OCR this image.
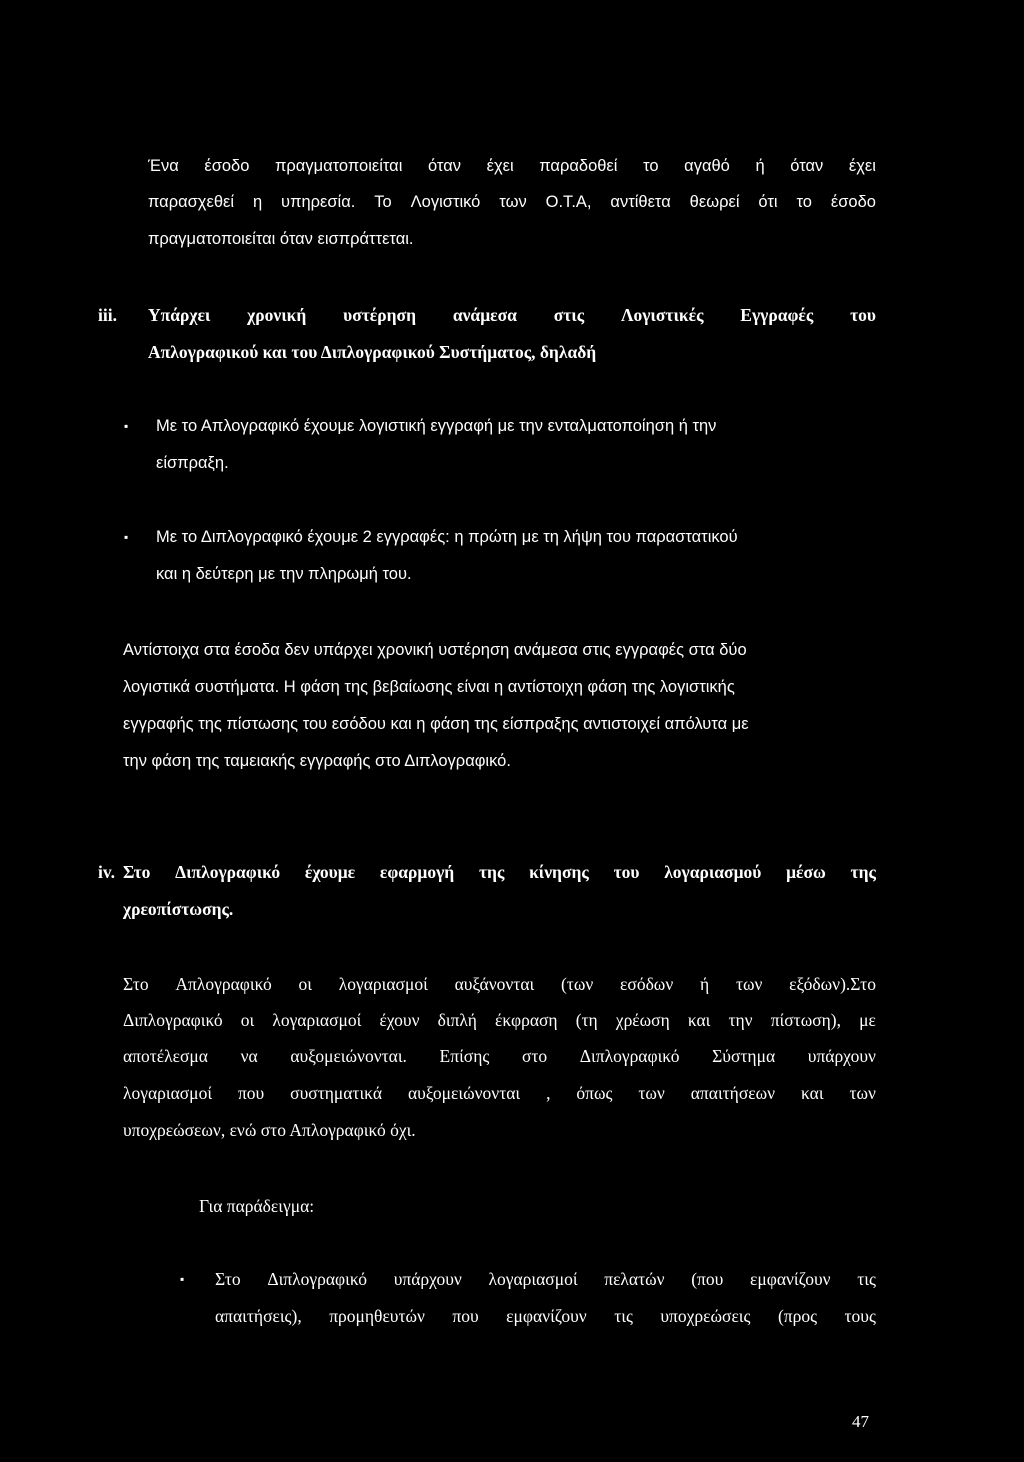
Ένα έσοδο πραγματοποιείται όταν έχει παραδοθεί το αγαθό ή όταν έχει
παρασχεθεί η υπηρεσία. Το Λογιστικό των Ο.Τ.Α, αντίθετα θεωρεί ότι το έσοδο
πραγματοποιείται όταν εισπράττεται.
iii. Υπάρχει χρονική υστέρηση ανάμεσα στις Λογιστικές Εγγραφές του
Απλογραφικού και του Διπλογραφικού Συστήματος, δηλαδή
▪ Με το Απλογραφικό έχουμε λογιστική εγγραφή με την ενταλματοποίηση ή την
είσπραξη.
▪ Με το Διπλογραφικό έχουμε 2 εγγραφές: η πρώτη με τη λήψη του παραστατικού
και η δεύτερη με την πληρωμή του.
Αντίστοιχα στα έσοδα δεν υπάρχει χρονική υστέρηση ανάμεσα στις εγγραφές στα δύο
λογιστικά συστήματα. Η φάση της βεβαίωσης είναι η αντίστοιχη φάση της λογιστικής
εγγραφής της πίστωσης του εσόδου και η φάση της είσπραξης αντιστοιχεί απόλυτα με
την φάση της ταμειακής εγγραφής στο Διπλογραφικό.
iv. Στο Διπλογραφικό έχουμε εφαρμογή της κίνησης του λογαριασμού μέσω της
χρεοπίστωσης.
Στο Απλογραφικό οι λογαριασμοί αυξάνονται (των εσόδων ή των εξόδων).Στο
Διπλογραφικό οι λογαριασμοί έχουν διπλή έκφραση (τη χρέωση και την πίστωση), με
αποτέλεσμα να αυξομειώνονται. Επίσης στο Διπλογραφικό Σύστημα υπάρχουν
λογαριασμοί που συστηματικά αυξομειώνονται , όπως των απαιτήσεων και των
υποχρεώσεων, ενώ στο Απλογραφικό όχι.
Για παράδειγμα:
▪ Στο Διπλογραφικό υπάρχουν λογαριασμοί πελατών (που εμφανίζουν τις
απαιτήσεις), προμηθευτών που εμφανίζουν τις υποχρεώσεις (προς τους
47
